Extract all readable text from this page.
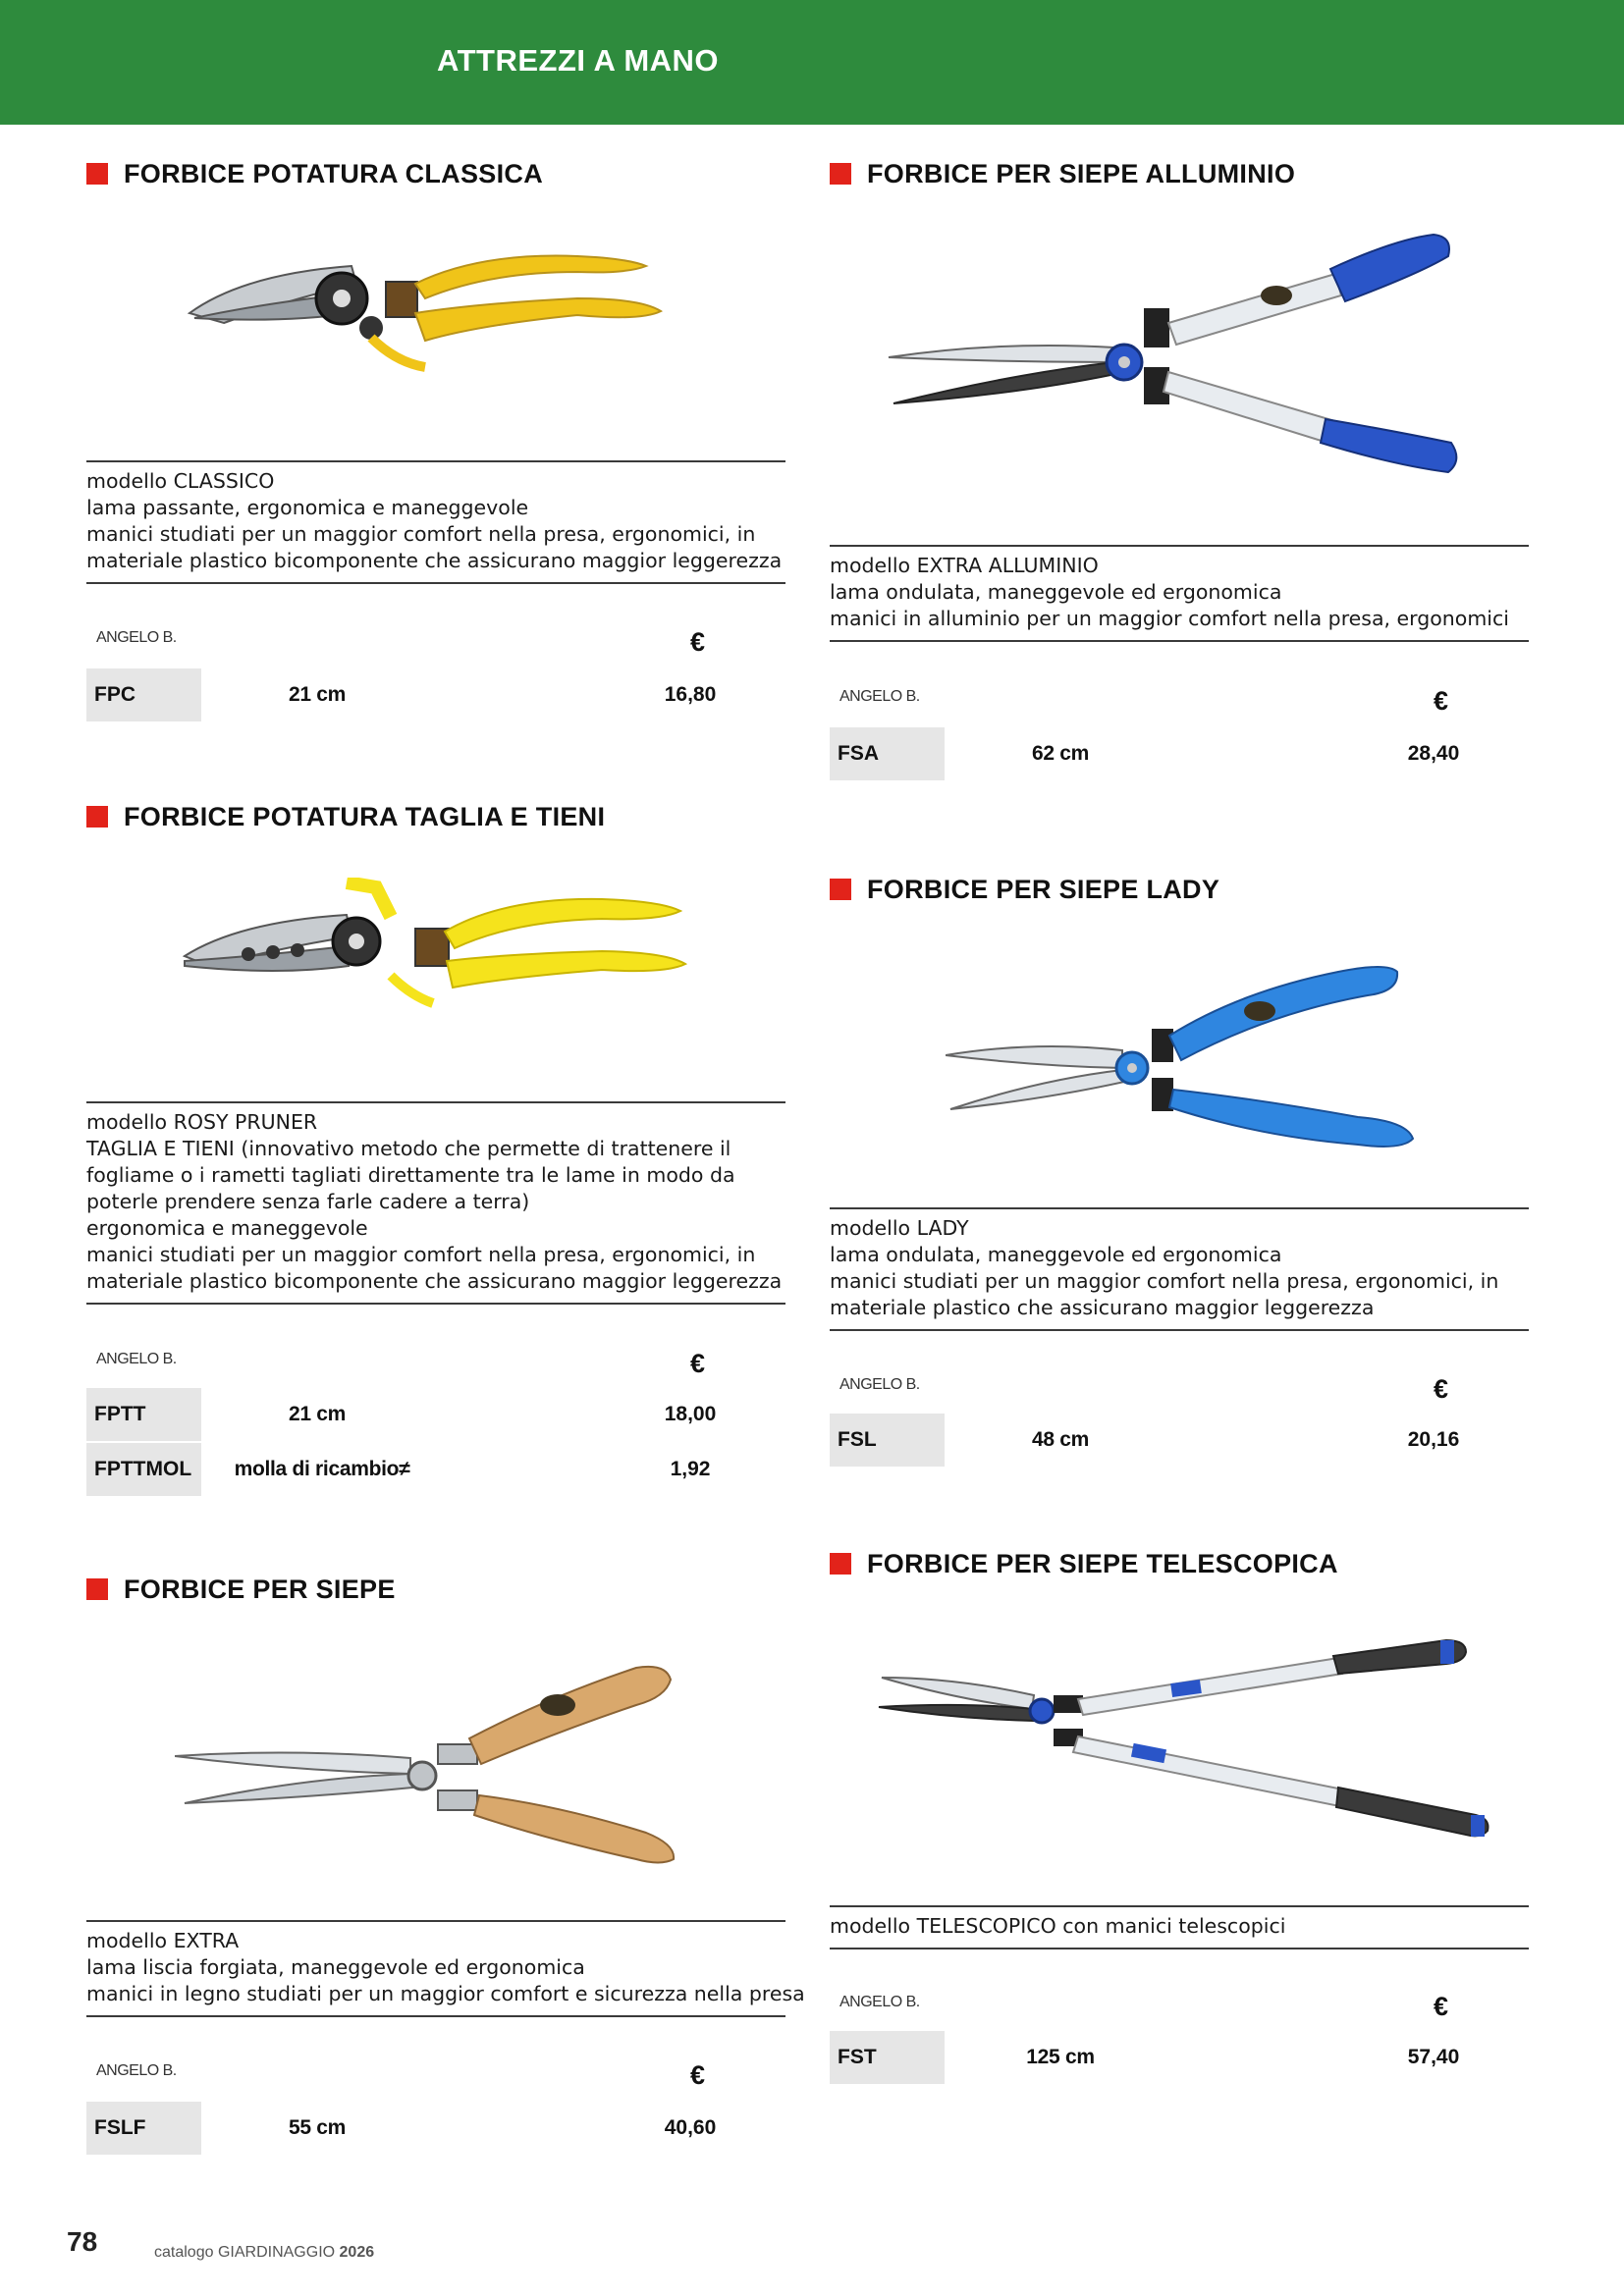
ATTREZZI A MANO
FORBICE POTATURA CLASSICA
modello CLASSICO
lama passante, ergonomica e maneggevole
manici studiati per un maggior comfort nella presa, ergonomici, in
materiale plastico bicomponente che assicurano maggior leggerezza
ANGELO B.	€
FPC	21 cm	16,80
FORBICE PER SIEPE ALLUMINIO
modello EXTRA ALLUMINIO
lama ondulata, maneggevole ed ergonomica
manici in alluminio per un maggior comfort nella presa, ergonomici
ANGELO B.	€
FSA	62 cm	28,40
FORBICE POTATURA TAGLIA E TIENI
modello ROSY PRUNER
TAGLIA E TIENI (innovativo metodo che permette di trattenere il
fogliame o i rametti tagliati direttamente tra le lame in modo da
poterle prendere senza farle cadere a terra)
ergonomica e maneggevole
manici studiati per un maggior comfort nella presa, ergonomici, in
materiale plastico bicomponente che assicurano maggior leggerezza
ANGELO B.	€
FPTT	21 cm	18,00
FPTTMOL	molla di ricambio≠	1,92
FORBICE PER SIEPE LADY
modello LADY
lama ondulata, maneggevole ed ergonomica
manici studiati per un maggior comfort nella presa, ergonomici, in
materiale plastico che assicurano maggior leggerezza
ANGELO B.	€
FSL	48 cm	20,16
FORBICE PER SIEPE
modello EXTRA
lama liscia forgiata, maneggevole ed ergonomica
manici in legno studiati per un maggior comfort e sicurezza nella presa
ANGELO B.	€
FSLF	55 cm	40,60
FORBICE PER SIEPE TELESCOPICA
modello TELESCOPICO con manici telescopici
ANGELO B.	€
FST	125 cm	57,40
78	catalogo GIARDINAGGIO 2026
